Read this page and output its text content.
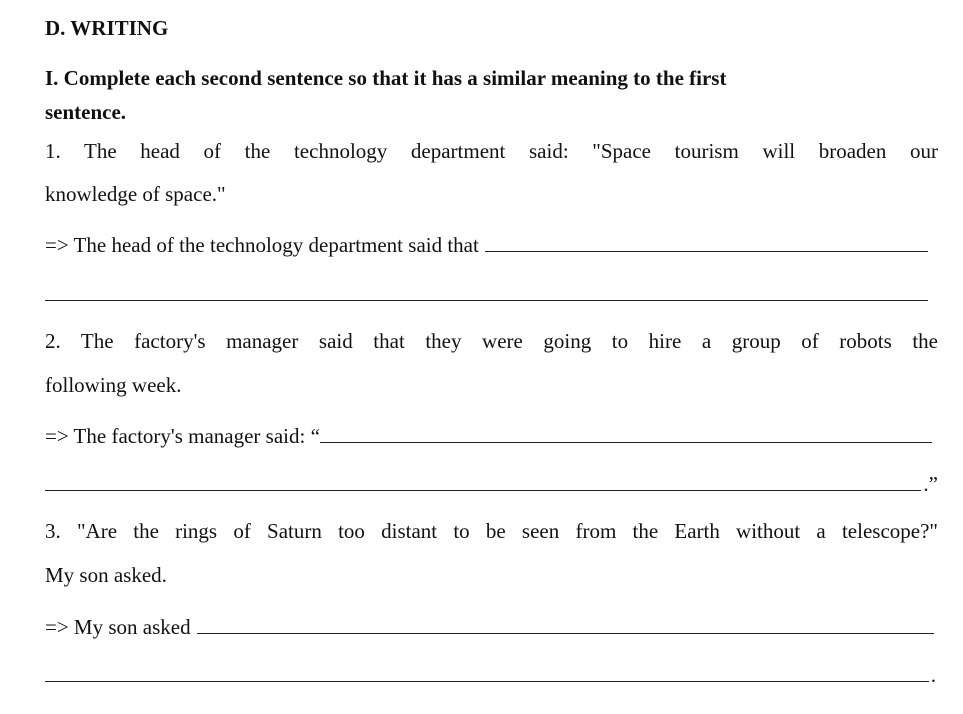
D. WRITING
I. Complete each second sentence so that it has a similar meaning to the first
sentence.
1. The head of the technology department said: "Space tourism will broaden our
knowledge of space."
=> The head of the technology department said that
2. The factory's manager said that they were going to hire a group of robots the
following week.
=> The factory's manager said: “
.”
3. "Are the rings of Saturn too distant to be seen from the Earth without a telescope?"
My son asked.
=> My son asked
.
